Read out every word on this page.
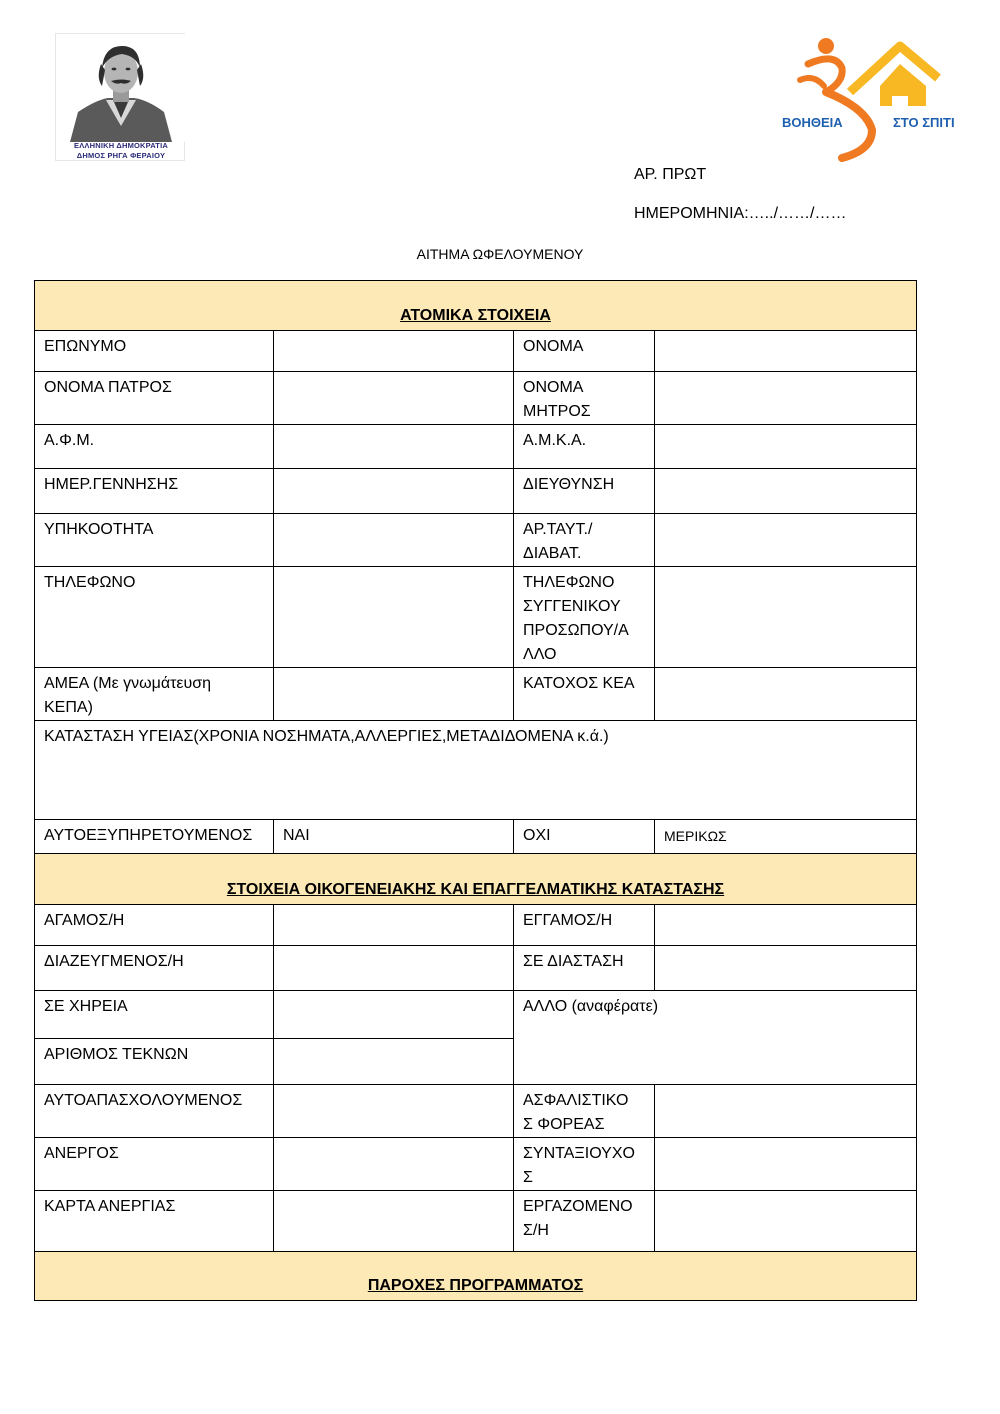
ΕΛΛΗΝΙΚΗ ΔΗΜΟΚΡΑΤΙΑ
ΔΗΜΟΣ ΡΗΓΑ ΦΕΡΑΙΟΥ
ΒΟΗΘΕΙΑ	ΣΤΟ ΣΠΙΤΙ
ΑΡ. ΠΡΩΤ
ΗΜΕΡΟΜΗΝΙΑ:…../……/……
ΑΙΤΗΜΑ ΩΦΕΛΟΥΜΕΝΟΥ
ΑΤΟΜΙΚΑ ΣΤΟΙΧΕΙΑ			
ΕΠΩΝΥΜΟ		ΟΝΟΜΑ	
ΟΝΟΜΑ ΠΑΤΡΟΣ		ΟΝΟΜΑ
ΜΗΤΡΟΣ	
Α.Φ.Μ.		Α.Μ.Κ.Α.	
ΗΜΕΡ.ΓΕΝΝΗΣΗΣ		ΔΙΕΥΘΥΝΣΗ	
ΥΠΗΚΟΟΤΗΤΑ		ΑΡ.ΤΑΥΤ./
ΔΙΑΒΑΤ.	
ΤΗΛΕΦΩΝΟ		ΤΗΛΕΦΩΝΟ
ΣΥΓΓΕΝΙΚΟΥ
ΠΡΟΣΩΠΟΥ/Α
ΛΛΟ	
ΑΜΕΑ (Με γνωμάτευση
ΚΕΠΑ)		ΚΑΤΟΧΟΣ ΚΕΑ	
ΚΑΤΑΣΤΑΣΗ ΥΓΕΙΑΣ(ΧΡΟΝΙΑ ΝΟΣΗΜΑΤΑ,ΑΛΛΕΡΓΙΕΣ,ΜΕΤΑΔΙΔΟΜΕΝΑ κ.ά.)			
ΑΥΤΟΕΞΥΠΗΡΕΤΟΥΜΕΝΟΣ	ΝΑΙ	ΟΧΙ	ΜΕΡΙΚΩΣ
ΣΤΟΙΧΕΙΑ ΟΙΚΟΓΕΝΕΙΑΚΗΣ ΚΑΙ ΕΠΑΓΓΕΛΜΑΤΙΚΗΣ ΚΑΤΑΣΤΑΣΗΣ			
ΑΓΑΜΟΣ/Η		ΕΓΓΑΜΟΣ/Η	
ΔΙΑΖΕΥΓΜΕΝΟΣ/Η		ΣΕ ΔΙΑΣΤΑΣΗ	
ΣΕ ΧΗΡΕΙΑ		ΑΛΛΟ (αναφέρατε)	
ΑΡΙΘΜΟΣ ΤΕΚΝΩΝ			
ΑΥΤΟΑΠΑΣΧΟΛΟΥΜΕΝΟΣ		ΑΣΦΑΛΙΣΤΙΚΟ
Σ ΦΟΡΕΑΣ	
ΑΝΕΡΓΟΣ		ΣΥΝΤΑΞΙΟΥΧΟ
Σ	
ΚΑΡΤΑ ΑΝΕΡΓΙΑΣ		ΕΡΓΑΖΟΜΕΝΟ
Σ/Η	
ΠΑΡΟΧΕΣ ΠΡΟΓΡΑΜΜΑΤΟΣ			
